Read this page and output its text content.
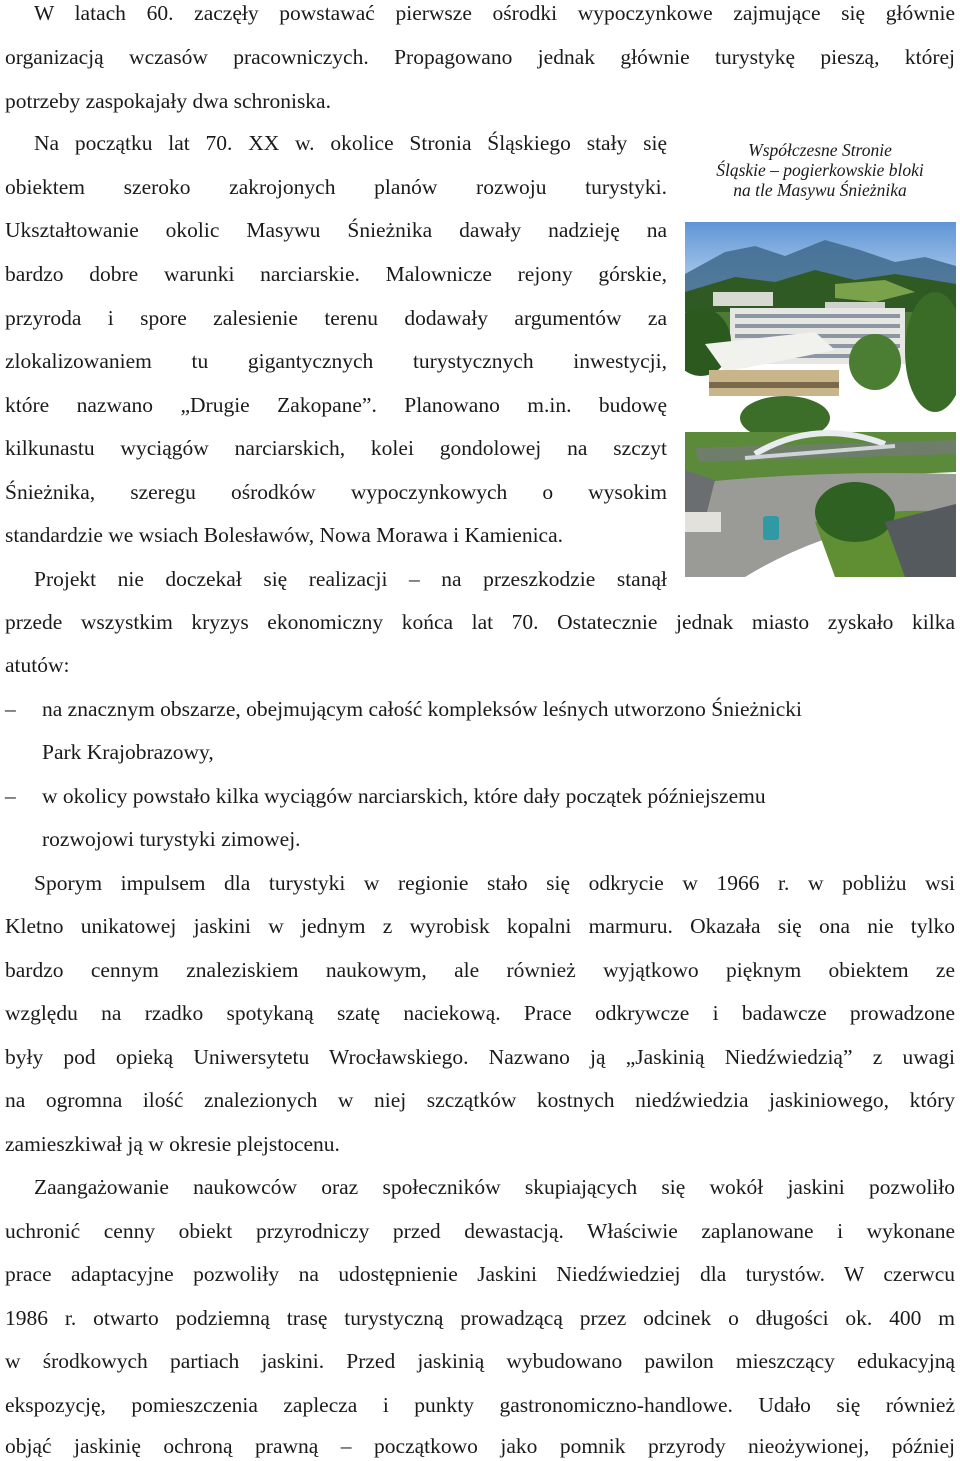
W latach 60. zaczęły powstawać pierwsze ośrodki wypoczynkowe zajmujące się głównie
organizacją wczasów pracowniczych. Propagowano jednak głównie turystykę pieszą, której
potrzeby zaspokajały dwa schroniska.
Na początku lat 70. XX w. okolice Stronia Śląskiego stały się
obiektem szeroko zakrojonych planów rozwoju turystyki.
Ukształtowanie okolic Masywu Śnieżnika dawały nadzieję na
bardzo dobre warunki narciarskie. Malownicze rejony górskie,
przyroda i spore zalesienie terenu dodawały argumentów za
zlokalizowaniem tu gigantycznych turystycznych inwestycji,
które nazwano „Drugie Zakopane”. Planowano m.in. budowę
kilkunastu wyciągów narciarskich, kolei gondolowej na szczyt
Śnieżnika, szeregu ośrodków wypoczynkowych o wysokim
standardzie we wsiach Bolesławów, Nowa Morawa i Kamienica.
Projekt nie doczekał się realizacji – na przeszkodzie stanął
przede wszystkim kryzys ekonomiczny końca lat 70. Ostatecznie jednak miasto zyskało kilka
atutów:
– na znacznym obszarze, obejmującym całość kompleksów leśnych utworzono Śnieżnicki
Park Krajobrazowy,
– w okolicy powstało kilka wyciągów narciarskich, które dały początek późniejszemu
rozwojowi turystyki zimowej.
Sporym impulsem dla turystyki w regionie stało się odkrycie w 1966 r. w pobliżu wsi
Kletno unikatowej jaskini w jednym z wyrobisk kopalni marmuru. Okazała się ona nie tylko
bardzo cennym znaleziskiem naukowym, ale również wyjątkowo pięknym obiektem ze
względu na rzadko spotykaną szatę naciekową. Prace odkrywcze i badawcze prowadzone
były pod opieką Uniwersytetu Wrocławskiego. Nazwano ją „Jaskinią Niedźwiedzią” z uwagi
na ogromna ilość znalezionych w niej szczątków kostnych niedźwiedzia jaskiniowego, który
zamieszkiwał ją w okresie plejstocenu.
Zaangażowanie naukowców oraz społeczników skupiających się wokół jaskini pozwoliło
uchronić cenny obiekt przyrodniczy przed dewastacją. Właściwie zaplanowane i wykonane
prace adaptacyjne pozwoliły na udostępnienie Jaskini Niedźwiedziej dla turystów. W czerwcu
1986 r. otwarto podziemną trasę turystyczną prowadzącą przez odcinek o długości ok. 400 m
w środkowych partiach jaskini. Przed jaskinią wybudowano pawilon mieszczący edukacyjną
ekspozycję, pomieszczenia zaplecza i punkty gastronomiczno-handlowe. Udało się również
objąć jaskinię ochroną prawną – początkowo jako pomnik przyrody nieożywionej, później
Współczesne Stronie
Śląskie – pogierkowskie bloki
na tle Masywu Śnieżnika
